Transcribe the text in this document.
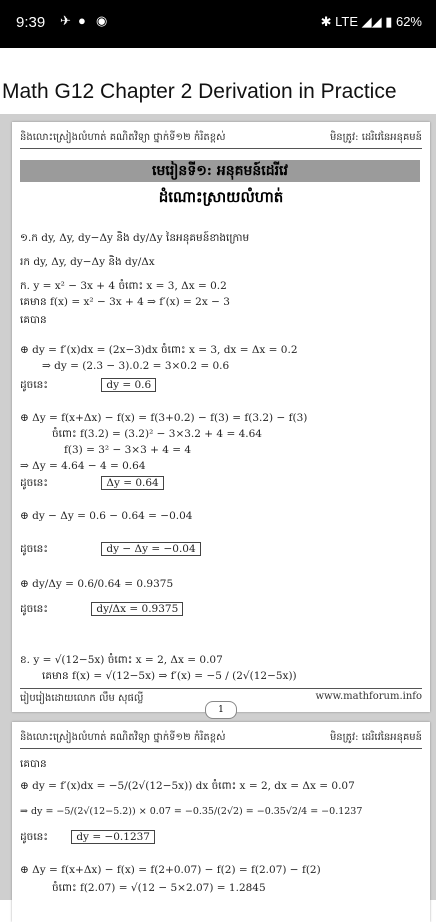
9:39 ✈ ● ◉	✱ LTE ◢◢ ▮ 62%
Math G12 Chapter 2 Derivation in Practice
និងលោះស្រៀងលំហាត់ គណិតវិទ្យា ថ្នាក់ទី១២ កំរិតខ្ពស់	មិនត្រូវ: ដេរិវេនៃអនុគមន៍
មេរៀនទី១: អនុគមន៍ដេរីវេ
ដំណោះស្រាយលំហាត់
១.ក dy, Δy, dy−Δy និង dy/Δy នៃអនុគមន៍ខាងក្រោម
រក dy, Δy, dy−Δy និង dy/Δx
ក. y = x² − 3x + 4 ចំពោះ x = 3, Δx = 0.2
គេមាន f(x) = x² − 3x + 4 ⇒ f′(x) = 2x − 3
គេបាន
⊕ dy = f′(x)dx = (2x−3)dx ចំពោះ x = 3, dx = Δx = 0.2
⇒ dy = (2.3 − 3).0.2 = 3×0.2 = 0.6
ដូចនេះ	dy = 0.6
⊕ Δy = f(x+Δx) − f(x) = f(3+0.2) − f(3) = f(3.2) − f(3)
ចំពោះ f(3.2) = (3.2)² − 3×3.2 + 4 = 4.64
f(3) = 3² − 3×3 + 4 = 4
⇒ Δy = 4.64 − 4 = 0.64
ដូចនេះ	Δy = 0.64
⊕ dy − Δy = 0.6 − 0.64 = −0.04
ដូចនេះ	dy − Δy = −0.04
⊕ dy/Δy = 0.6/0.64 = 0.9375
ដូចនេះ	dy/Δx = 0.9375
ខ. y = √(12−5x) ចំពោះ x = 2, Δx = 0.07
គេមាន f(x) = √(12−5x) ⇒ f′(x) = −5 / (2√(12−5x))
រៀបរៀងដោយលោក លឹម សុផល្លី	www.mathforum.info
1
និងលោះស្រៀងលំហាត់ គណិតវិទ្យា ថ្នាក់ទី១២ កំរិតខ្ពស់	មិនត្រូវ: ដេរិវេនៃអនុគមន៍
គេបាន
⊕ dy = f′(x)dx = −5/(2√(12−5x)) dx ចំពោះ x = 2, dx = Δx = 0.07
⇒ dy = −5/(2√(12−5.2)) × 0.07 = −0.35/(2√2) = −0.35√2/4 = −0.1237
ដូចនេះ	dy = −0.1237
⊕ Δy = f(x+Δx) − f(x) = f(2+0.07) − f(2) = f(2.07) − f(2)
ចំពោះ f(2.07) = √(12 − 5×2.07) = 1.2845
